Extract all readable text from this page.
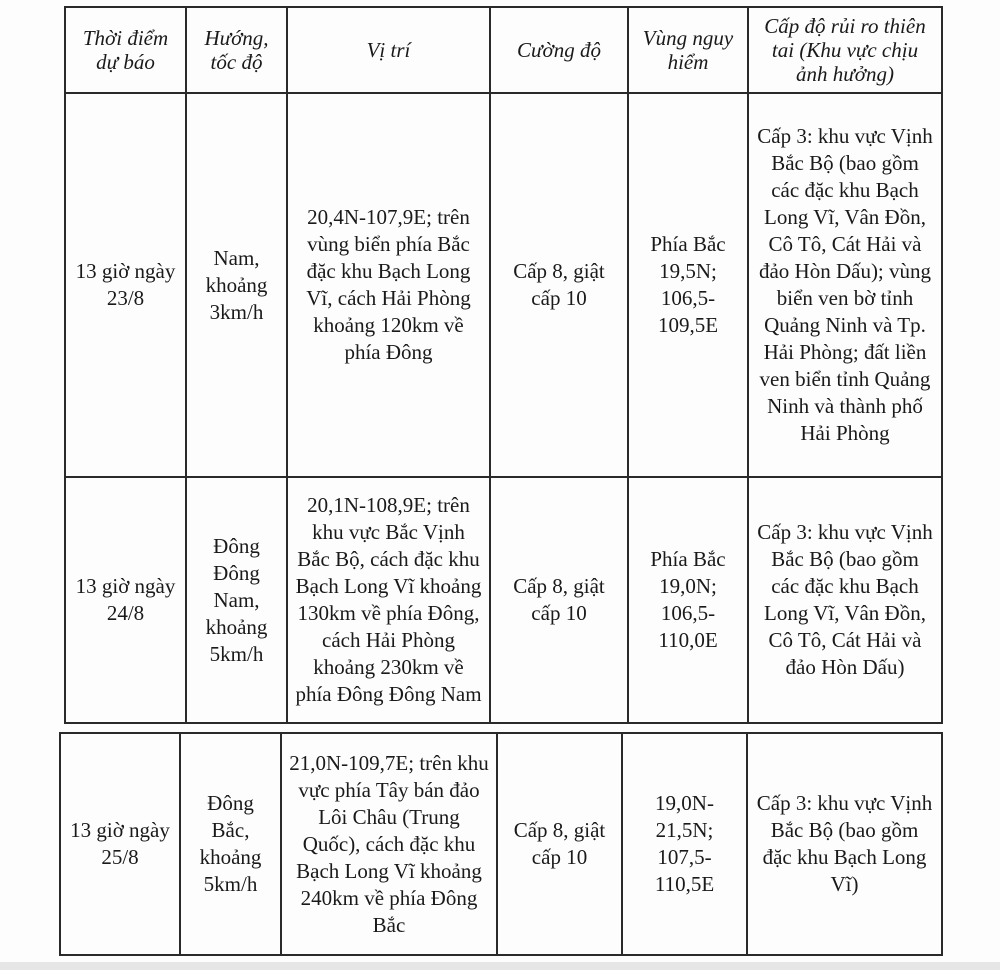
Thời điểm dự báo	Hướng, tốc độ	Vị trí	Cường độ	Vùng nguy hiểm	Cấp độ rủi ro thiên tai (Khu vực chịu ảnh hưởng)
13 giờ ngày 23/8	Nam, khoảng 3km/h	20,4N-107,9E; trên vùng biển phía Bắc đặc khu Bạch Long Vĩ, cách Hải Phòng khoảng 120km về phía Đông	Cấp 8, giật cấp 10	Phía Bắc 19,5N; 106,5-109,5E	Cấp 3: khu vực Vịnh Bắc Bộ (bao gồm các đặc khu Bạch Long Vĩ, Vân Đồn, Cô Tô, Cát Hải và đảo Hòn Dấu); vùng biển ven bờ tỉnh Quảng Ninh và Tp. Hải Phòng; đất liền ven biển tỉnh Quảng Ninh và thành phố Hải Phòng
13 giờ ngày 24/8	Đông Đông Nam, khoảng 5km/h	20,1N-108,9E; trên khu vực Bắc Vịnh Bắc Bộ, cách đặc khu Bạch Long Vĩ khoảng 130km về phía Đông, cách Hải Phòng khoảng 230km về phía Đông Đông Nam	Cấp 8, giật cấp 10	Phía Bắc 19,0N; 106,5-110,0E	Cấp 3: khu vực Vịnh Bắc Bộ (bao gồm các đặc khu Bạch Long Vĩ, Vân Đồn, Cô Tô, Cát Hải và đảo Hòn Dấu)
13 giờ ngày 25/8	Đông Bắc, khoảng 5km/h	21,0N-109,7E; trên khu vực phía Tây bán đảo Lôi Châu (Trung Quốc), cách đặc khu Bạch Long Vĩ khoảng 240km về phía Đông Bắc	Cấp 8, giật cấp 10	19,0N-21,5N; 107,5-110,5E	Cấp 3: khu vực Vịnh Bắc Bộ (bao gồm đặc khu Bạch Long Vĩ)
